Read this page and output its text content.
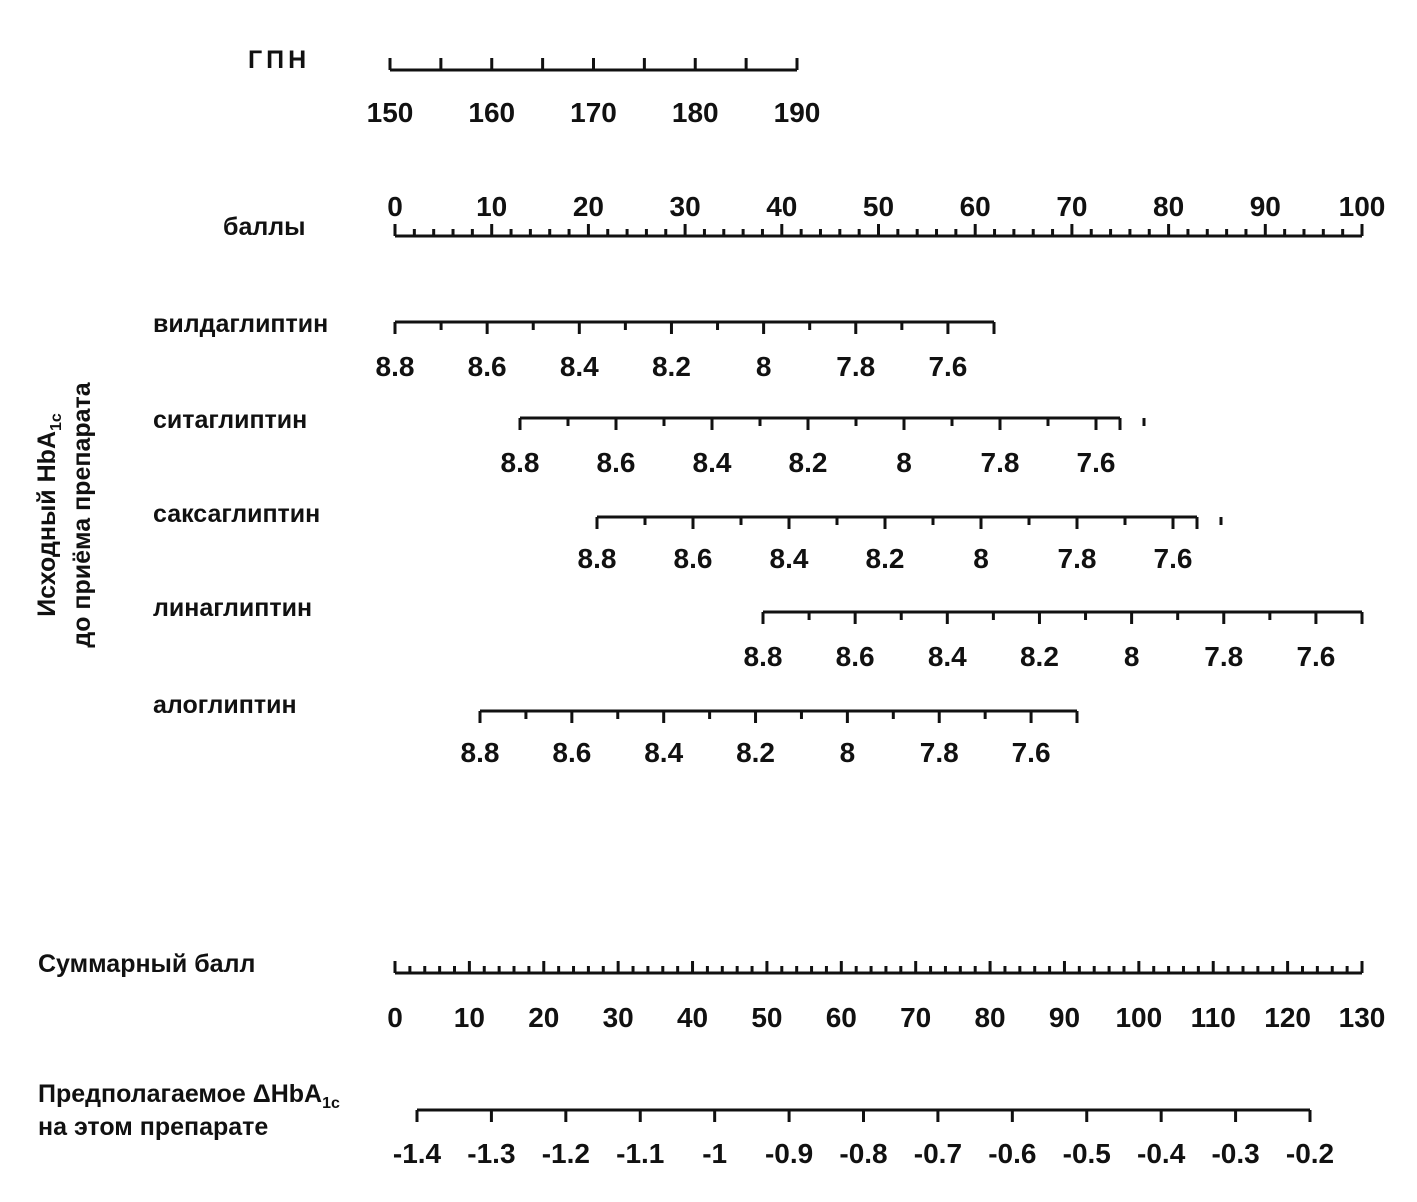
150 160 170 180 190
ГПН
0	10 20 30 40 50 60 70 80 90 100
баллы
8.8 8.6 8.4 8.2 8 7.8 7.6
вилдаглиптин
8.8 8.6 8.4 8.2 8 7.8 7.6
ситаглиптин
8.8 8.6 8.4 8.2 8 7.8 7.6
саксаглиптин
8.8 8.6 8.4 8.2 8 7.8 7.6
линаглиптин
8.8 8.6 8.4 8.2 8 7.8 7.6
алоглиптин
0 10 20 30 40 50 60 70 80 90 100 110 120 130
Суммарный балл
-1.4 -1.3 -1.2 -1.1 -1 -0.9 -0.8 -0.7 -0.6 -0.5 -0.4 -0.3 -0.2
Предполагаемое ΔHbA$_{1c}$
на этом препарате
Исходный HbA$_{1c}$ до приёма препарата
